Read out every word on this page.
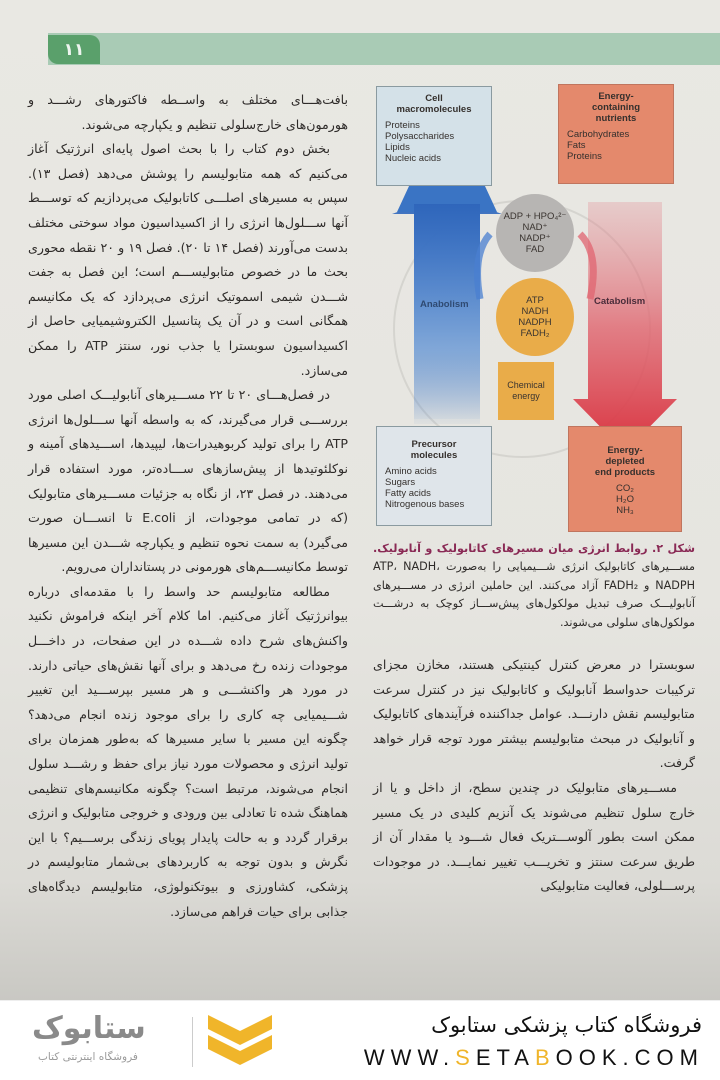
۱۱

بافت‌هـــای مختلف به واســطه فاکتورهای رشـــد و هورمون‌های خارج‌سلولی تنظیم و یکپارچه می‌شوند.

بخش دوم کتاب را با بحث اصول پایه‌ای انرژتیک آغاز می‌کنیم که همه متابولیسم را پوشش می‌دهد (فصل ۱۳). سپس به مسیرهای اصلـــی کاتابولیک می‌پردازیم که توســـط آنها ســـلول‌ها انرژی را از اکسیداسیون مواد سوختی مختلف بدست می‌آورند (فصل ۱۴ تا ۲۰). فصل ۱۹ و ۲۰ نقطه محوری بحث ما در خصوص متابولیســـم است؛ این فصل به جفت شـــدن شیمی اسموتیک انرژی می‌پردازد که یک مکانیسم همگانی است و در آن یک پتانسیل الکتروشیمیایی حاصل از اکسیداسیون سوبسترا یا جذب نور، سنتز ATP را ممکن می‌سازد.

در فصل‌هـــای ۲۰ تا ۲۲ مســـیرهای آنابولیـــک اصلی مورد بررســـی قرار می‌گیرند، که به واسطه آنها ســـلول‌ها انرژی ATP را برای تولید کربوهیدرات‌ها، لیپیدها، اســـیدهای آمینه و نوکلئوتیدها از پیش‌سازهای ســـاده‌تر، مورد استفاده قرار می‌دهند. در فصل ۲۳، از نگاه به جزئیات مســـیرهای متابولیک (که در تمامی موجودات، از E.coli تا انســـان صورت می‌گیرد) به سمت نحوه تنظیم و یکپارچه شـــدن این مسیرها توسط مکانیســـم‌های هورمونی در پستانداران می‌رویم.

مطالعه متابولیسم حد واسط را با مقدمه‌ای درباره بیوانرژتیک آغاز می‌کنیم. اما کلام آخر اینکه فراموش نکنید واکنش‌های شرح داده شـــده در این صفحات، در داخـــل موجودات زنده رخ می‌دهد و برای آنها نقش‌های حیاتی دارند. در مورد هر واکنشـــی و هر مسیر بپرســـید این تغییر شـــیمیایی چه کاری را برای موجود زنده انجام می‌دهد؟ چگونه این مسیر با سایر مسیرها که به‌طور همزمان برای تولید انرژی و محصولات مورد نیاز برای حفظ و رشـــد سلول انجام می‌شوند، مرتبط است؟ چگونه مکانیسم‌های تنظیمی هماهنگ شده تا تعادلی بین ورودی و خروجی متابولیک و انرژی برقرار گردد و به حالت پایدار پویای زندگی برســـیم؟ با این نگرش و بدون توجه به کاربردهای بی‌شمار متابولیسم در پزشکی، کشاورزی و بیوتکنولوژی، متابولیسم دیدگاه‌های جذابی برای حیات فراهم می‌سازد.

Cell
macromolecules
Proteins
Polysaccharides
Lipids
Nucleic acids
Energy-
containing
nutrients
Carbohydrates
Fats
Proteins
ADP + HPO₄²⁻
NAD⁺
NADP⁺
FAD
ATP
NADH
NADPH
FADH₂
Chemical
energy
Anabolism	Catabolism
Precursor
molecules
Amino acids
Sugars
Fatty acids
Nitrogenous bases
Energy-
depleted
end products
CO₂
H₂O
NH₃

شکل ۲. روابط انرژی میان مسیرهای کاتابولیک و آنابولیک. مســـیرهای کاتابولیک انرژی شـــیمیایی را به‌صورت ATP، NADH، NADPH و FADH₂ آزاد می‌کنند. این حاملین انرژی در مســـیرهای آنابولیـــک صرف تبدیل مولکول‌های پیش‌ســـاز کوچک به درشـــت مولکول‌های سلولی می‌شوند.

سوبسترا در معرض کنترل کینتیکی هستند، مخازن مجزای ترکیبات حدواسط آنابولیک و کاتابولیک نیز در کنترل سرعت متابولیسم نقش دارنـــد. عوامل جداکننده فرآیندهای کاتابولیک و آنابولیک در مبحث متابولیسم بیشتر مورد توجه قرار خواهد گرفت.

مســـیرهای متابولیک در چندین سطح، از داخل و یا از خارج سلول تنظیم می‌شوند یک آنزیم کلیدی در یک مسیر ممکن است بطور آلوســـتریک فعال شـــود یا مقدار آن از طریق سرعت سنتز و تخریـــب تغییر نمایـــد. در موجودات پرســـلولی، فعالیت متابولیکی

ستابوک
فروشگاه اینترنتی کتاب
فروشگاه کتاب پزشکی ستابوک
WWW.SETABOOK.COM
